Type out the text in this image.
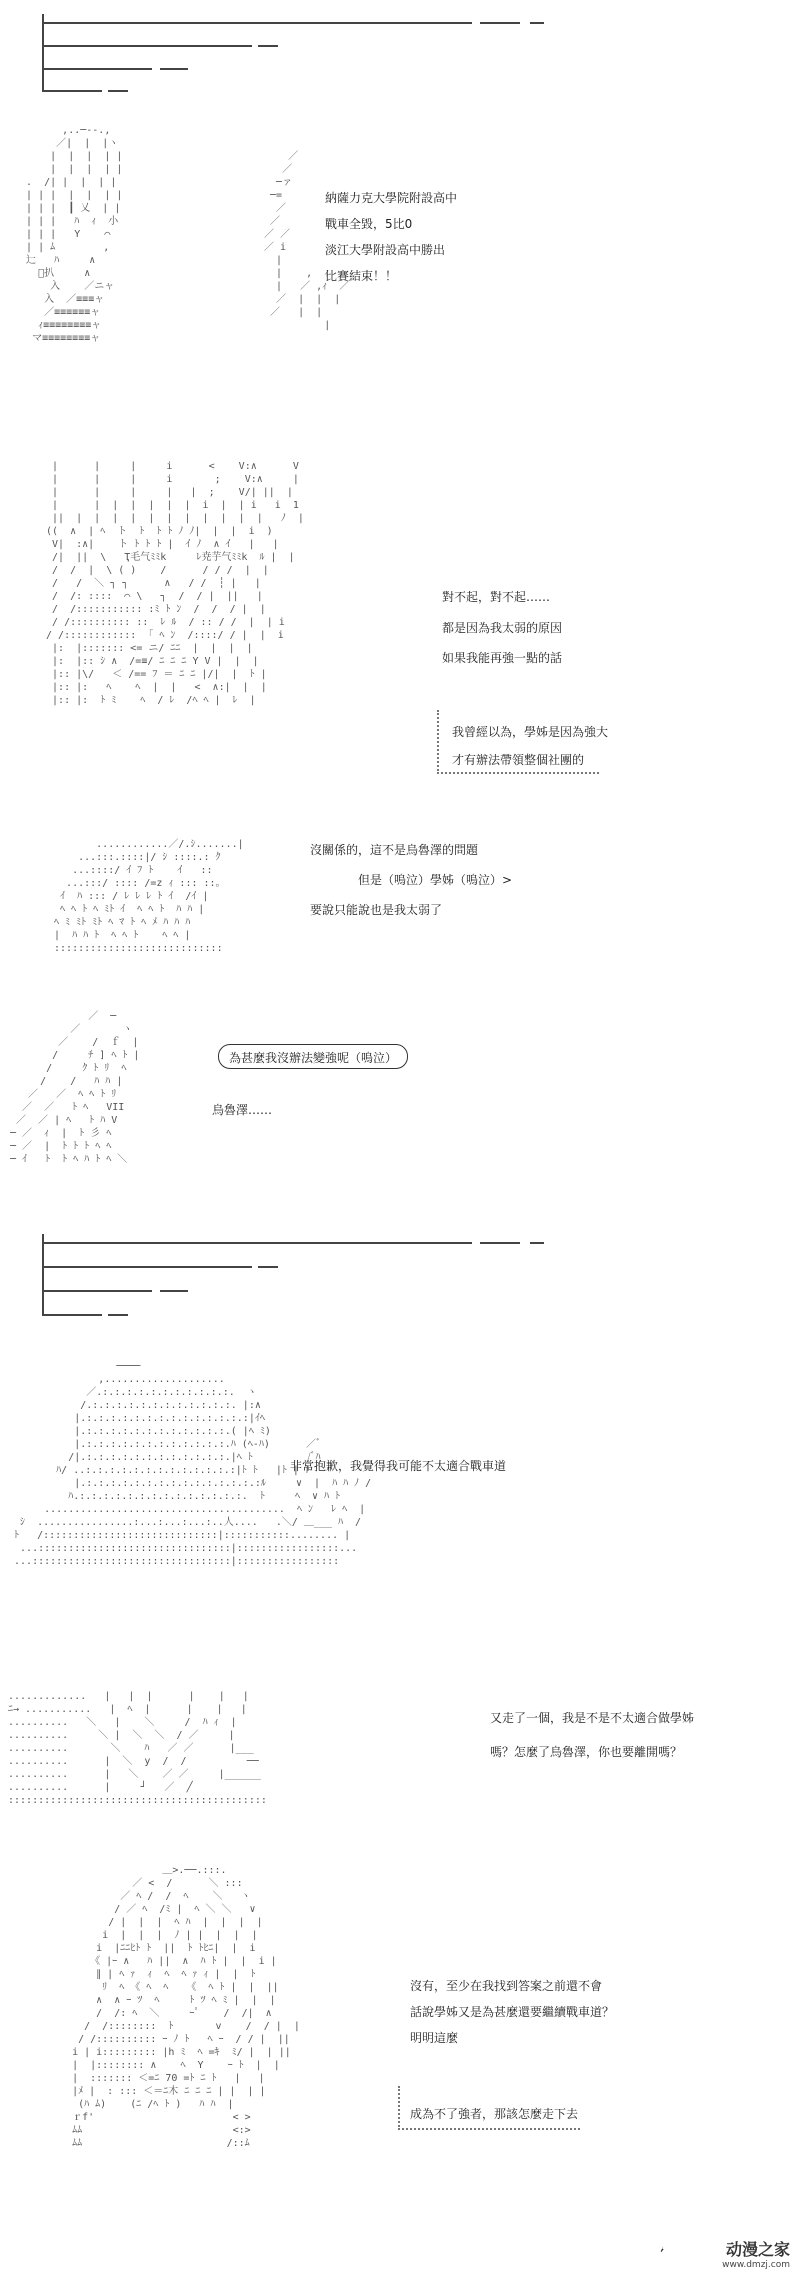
,..─--.,
／|  |  |ヽ
|  |  |  | |
|  |  |  | |
.  /| |  |  | |
| | |  |  |  | |
| | |  ┃ 乂  | |
| | |   ﾊ  ｨ  小
| | |   Y    ⌒
| | ﾑ        ,
辷   ﾊ     ∧
ﾞ扒     ∧
入    ／ニャ
入  ／≡≡≡ャ
／≡≡≡≡≡≡ャ
ｨ≡≡≡≡≡≡≡≡ャ
マ≡≡≡≡≡≡≡≡ャ
／
／
─ァ
─=
／
／
／ ／
／ i
|
|    ,  ｨ
|   ／ ,ｨ  ／
／  |  |  |
／   |  |
|
納薩力克大學院附設高中
戰車全毀，5比0
淡江大學附設高中勝出
比賽結束！！
|      |     |     i      <    V:∧      V
|      |     |     i       ;    V:∧     |
|      |     |     |   |  ;    V/| ||  |
|      |  |  |  |  |  |  i  |  | i   i  1
||  |  |  |  |  |  |  |  |  |  |  |   ﾉ  |
((  ∧  | ﾍ  ト  ﾄ  ﾄ ﾄ ﾉ ﾉ|  |  |  i  )
V|  :∧|    ト ﾄ ﾄ ﾄ |  ｲ ﾉ  ∧ ｲ   |   |
/|  ||  \   Ҭ毛气ﾐﾐk     ﾚ尭芋气ﾐﾐk  ﾙ |  |
/  /  |  \ ( )    /      / / /  |  |
/   /  ＼ ┐ ┐      ∧   / /  ┆ |   |
/  /: ::::  ⌒ \   ┐  /  / |  ||   |
/  /::::::::::: :ﾐ ﾄ ﾝ  /  /  / |  |
/ /:::::::::: ::  ﾚ ﾙ  / :: / /  |  | i
/ /::::::::::::  ｢ ﾍ ﾝ  /::::/ / |  |  i
|:  |::::::: <= ニ/ ﾆﾆ  |  |  |  |
|:  |:: ｼ ∧  /=≡/ ﾆ ﾆ ﾆ Y V |  |  |
|:: |\/   ＜ /== ﾌ ＝ ﾆ ﾆ |/|  |  ﾄ |
|:: |:   ﾍ    ﾍ  |  |   <  ∧:|  |  |
|:: |:  ﾄ ﾐ    ﾍ  / ﾚ  /ﾍ ﾍ |  ﾚ  |
對不起，對不起……
都是因為我太弱的原因
如果我能再強一點的話
我曾經以為，學姊是因為強大
才有辦法帶領整個社團的
............／/.ｼ.......|
...:::.::::|/ ｼ ::::.: ｸ
...::::/ ｲ ﾌ ﾄ    ｲ   ::
...:::/ :::: /=z ｨ ::: ::｡
ｲ  ﾊ ::: / ﾚ ﾚ ﾚ ﾄ ｲ  /ｲ |
ﾍ ﾍ ﾄ ﾍ ﾐﾄ ｲ  ﾍ ﾍ ﾄ  ﾊ ﾊ |
ﾍ ﾐ ﾐﾄ ﾐﾄ ﾍ ﾏ ﾄ ﾍ ﾒ ﾊ ﾊ ﾊ
|  ﾊ ﾊ ﾄ  ﾍ ﾍ ﾄ    ﾍ ﾍ |
::::::::::::::::::::::::::::
沒關係的，這不是烏魯澤的問題
但是（嗚泣）學姊（嗚泣）>
要說只能說也是我太弱了
／  ─
／       ヽ
／    /  ｆ  |
/     ﾁ ] ﾍ ﾄ |
/     ｸ ﾄ ﾘ  ﾍ
/    /   ﾊ ﾊ |
／   ／  ﾍ ﾍ ﾄ ﾘ
／  ／   ﾄ ﾍ   VII
／  ／ | ﾍ   ﾄ ﾊ V
─ ／  ｨ  |  ﾄ 彡 ﾍ
─ ／  |  ﾄ ﾄ ﾄ ﾍ ﾍ
─ ｲ   ﾄ  ﾄ ﾍ ﾊ ﾄ ﾍ ＼
為甚麼我沒辦法變強呢（嗚泣）
烏魯澤……
────
,....................
／.:.:.:.:.:.:.:.:.:.:.:.  ヽ
/.:.:.:.:.:.:.:.:.:.:.:.:. |:∧
|.:.:.:.:.:.:.:.:.:.:.:.:.:.:|ｲﾍ
|.:.:.:.:.:.:.:.:.:.:.:.:.( |ﾍ ﾐ)
|.:.:.:.:.:.:.:.:.:.:.:.:.ﾊ (ﾍ-ﾊ)      ／ﾞ
/|.:.:.:.:.:.:.:.:.:.:.:.:.|ﾍ ﾄ         /ﾞﾊ
ﾊ/ ..:.:.:.:.:.:.:.:.:.:.:.:.:|ﾄ ﾄ   |ﾄ | ﾄ
|.:.:.:.:.:.:.:.:.:.:.:.:.:.:.:ﾙ     ∨  |  ﾊ ﾊ ﾉ /
ﾊ.:.:.:.:.:.:.:.:.:.:.:.:.:.:.  ﾄ     ﾍ  ∨ ﾊ ﾄ
........................................  ﾍ ﾝ   ﾚ ﾍ  |
ｼ  ................:...:...:...:..人....   .＼/ ＿___ ﾊ  /
ﾄ   /:::::::::::::::::::::::::::::|:::::::::::........ |
...::::::::::::::::::::::::::::::::|:::::::::::::::::...
...:::::::::::::::::::::::::::::::::|:::::::::::::::::
非常抱歉，我覺得我可能不太適合戰車道
.............   |   |  |      |    |   |
ﾆ→ ...........   |  ﾍ  |      |    |   |
..........   ＼   |    ＼     /  ﾊ ｨ  |
..........     ＼ |  ＼  ＼  / ／     |
..........       ＼    ﾊ   ／ ／      |___
..........      |  ＼  y  /  /          ──
..........      |   ＼    ／ ／     |______
..........      |     ┘   ／  ╱
:::::::::::::::::::::::::::::::::::::::::::
又走了一個，我是不是不太適合做學姊
嗎？怎麼了烏魯澤，你也要離開嗎？
＿>.──.:::.
／ <  /      ＼ :::
／ ﾍ /  /  ﾍ    ＼   ヽ
/ ／ ﾍ  /ﾐ |  ﾍ ＼ ＼   ∨
/ |  |  |  ﾍ ﾊ  |  |  |  |
i  |  |  |  ﾉ | |  |  |  |
i  |ﾆﾆﾋﾄ ﾄ  ||  ﾄ ﾄﾋﾆ|  |  i
《 |ｰ ∧   ﾊ ||  ∧  ﾊ ﾄ |  |  i |
∥ | ﾍ ｧ  ｨ  ﾍ  ﾍ ｧ ｨ |  |  ﾄ
ﾘ  ﾍ 《 ﾍ  ﾍ   《  ﾍ ﾄ |  |  ||
∧  ∧ ｰ ﾂ  ﾍ     ﾄ ﾂ ﾍ ﾐ |  |  |
/  /: ﾍ  ＼     ｰﾟ    /  /|  ∧
/  /::::::::  ﾄ       v    /  / |  |
/ /:::::::::: ｰ ﾉ ﾄ   ﾍ ｰ  / / |  ||
i | i::::::::: |h ﾐ  ﾍ =ｷ  ﾐ/ |  | ||
|  |:::::::: ∧    ﾍ  Y    ｰ ﾄ  |  |
|  ::::::: ＜=ﾆ 70 =ﾄ ﾆ ﾄ   |   |
|ﾒ |  : ::: ＜＝ﾆ木 ﾆ ﾆ ﾆ | |  | |
(ﾊ ﾑ)    (ﾆ /ﾍ ﾄ )   ﾊ ﾊ  |
ｒf'                       < >
ﾑﾑ                         <:>
ﾑﾑ                        /::ﾑ
沒有，至少在我找到答案之前還不會
話說學姊又是為甚麼還要繼續戰車道？
明明這麼
成為不了強者，那該怎麼走下去
动漫之家
www.dmzj.com
